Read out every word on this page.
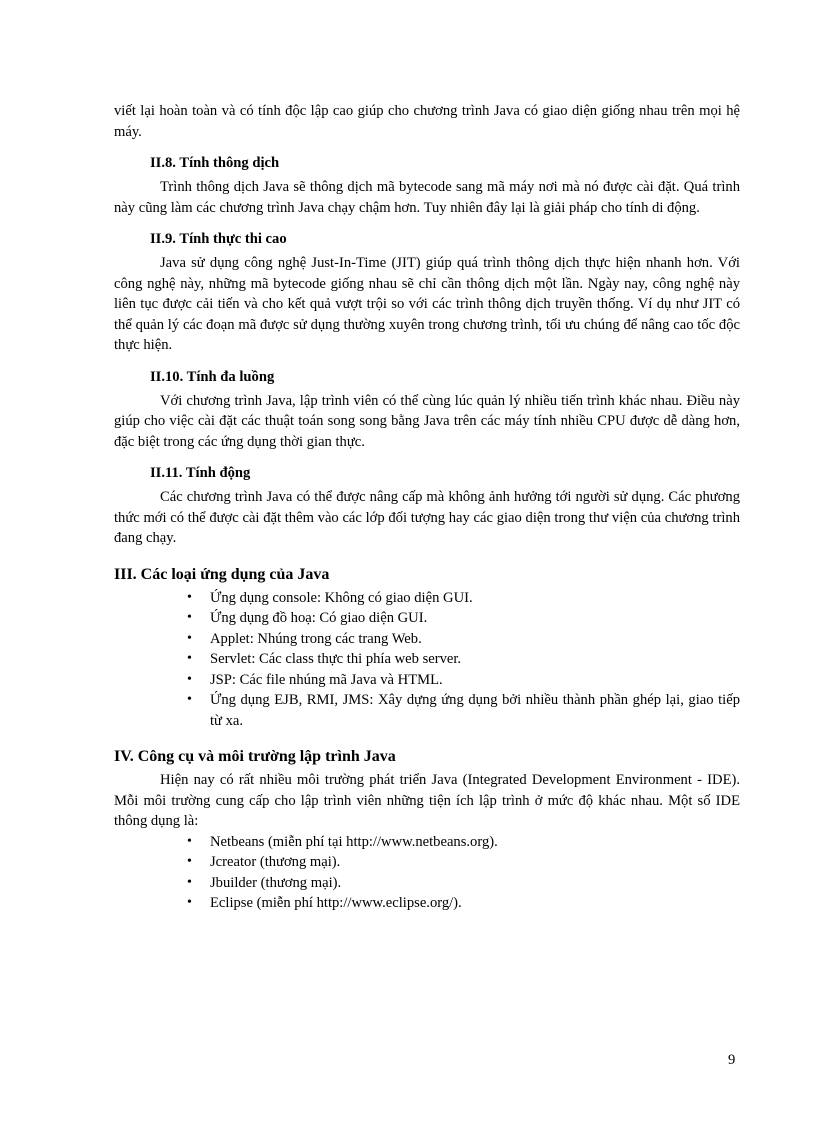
viết lại hoàn toàn và có tính độc lập cao giúp cho chương trình Java có giao diện giống nhau trên mọi hệ máy.

II.8. Tính thông dịch

Trình thông dịch Java sẽ thông dịch mã bytecode sang mã máy nơi mà nó được cài đặt. Quá trình này cũng làm các chương trình Java chạy chậm hơn. Tuy nhiên đây lại là giải pháp cho tính di động.

II.9. Tính thực thi cao

Java sử dụng công nghệ Just-In-Time (JIT) giúp quá trình thông dịch thực hiện nhanh hơn. Với công nghệ này, những mã bytecode giống nhau sẽ chỉ cần thông dịch một lần. Ngày nay, công nghệ này liên tục được cải tiến và cho kết quả vượt trội so với các trình thông dịch truyền thống. Ví dụ như JIT có thể quản lý các đoạn mã được sử dụng thường xuyên trong chương trình, tối ưu chúng để nâng cao tốc độc thực hiện.

II.10. Tính đa luồng

Với chương trình Java, lập trình viên có thể cùng lúc quản lý nhiều tiến trình khác nhau. Điều này giúp cho việc cài đặt các thuật toán song song bằng Java trên các máy tính nhiều CPU được dễ dàng hơn, đặc biệt trong các ứng dụng thời gian thực.

II.11. Tính động

Các chương trình Java có thể được nâng cấp mà không ảnh hưởng tới người sử dụng. Các phương thức mới có thể được cài đặt thêm vào các lớp đối tượng hay các giao diện trong thư viện của chương trình đang chạy.

III. Các loại ứng dụng của Java
• Ứng dụng console: Không có giao diện GUI.
• Ứng dụng đồ hoạ: Có giao diện GUI.
• Applet: Nhúng trong các trang Web.
• Servlet: Các class thực thi phía web server.
• JSP: Các file nhúng mã Java và HTML.
• Ứng dụng EJB, RMI, JMS: Xây dựng ứng dụng bởi nhiều thành phần ghép lại, giao tiếp từ xa.
IV. Công cụ và môi trường lập trình Java

Hiện nay có rất nhiều môi trường phát triển Java (Integrated Development Environment - IDE). Mỗi môi trường cung cấp cho lập trình viên những tiện ích lập trình ở mức độ khác nhau. Một số IDE thông dụng là:

• Netbeans (miễn phí tại http://www.netbeans.org).
• Jcreator (thương mại).
• Jbuilder (thương mại).
• Eclipse (miễn phí http://www.eclipse.org/).
9
